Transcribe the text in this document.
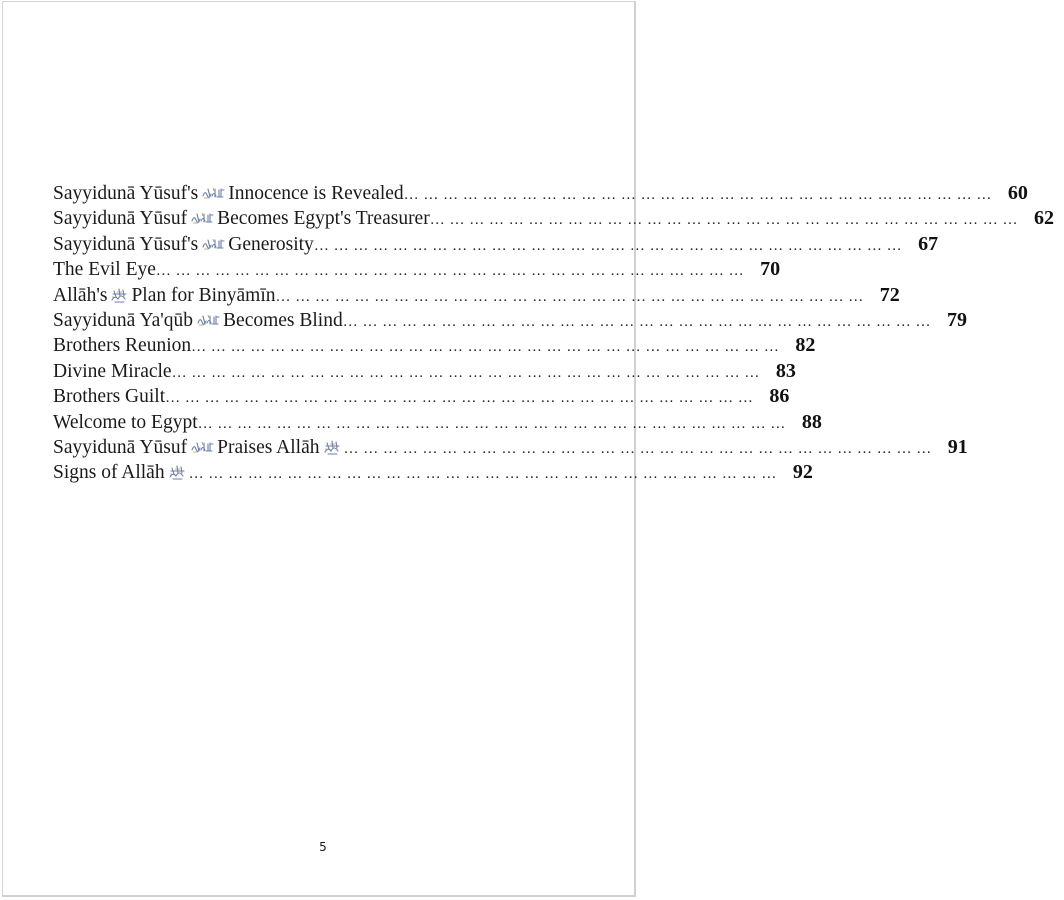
Sayyidunā Yūsuf's Innocence is Revealed … … … … … … … … … … … … … … … … … … … … … … … … … … … … … … 60
Sayyidunā Yūsuf Becomes Egypt's Treasurer … … … … … … … … … … … … … … … … … … … … … … … … … … … … … … 62
Sayyidunā Yūsuf's Generosity … … … … … … … … … … … … … … … … … … … … … … … … … … … … … … 67
The Evil Eye … … … … … … … … … … … … … … … … … … … … … … … … … … … … … … 70
Allāh's Plan for Binyāmīn … … … … … … … … … … … … … … … … … … … … … … … … … … … … … … 72
Sayyidunā Ya'qūb Becomes Blind … … … … … … … … … … … … … … … … … … … … … … … … … … … … … … 79
Brothers Reunion … … … … … … … … … … … … … … … … … … … … … … … … … … … … … … 82
Divine Miracle … … … … … … … … … … … … … … … … … … … … … … … … … … … … … … 83
Brothers Guilt … … … … … … … … … … … … … … … … … … … … … … … … … … … … … … 86
Welcome to Egypt … … … … … … … … … … … … … … … … … … … … … … … … … … … … … … 88
Sayyidunā Yūsuf Praises Allāh	… … … … … … … … … … … … … … … … … … … … … … … … … … … … … … 91
Signs of Allāh	… … … … … … … … … … … … … … … … … … … … … … … … … … … … … … 92
5
